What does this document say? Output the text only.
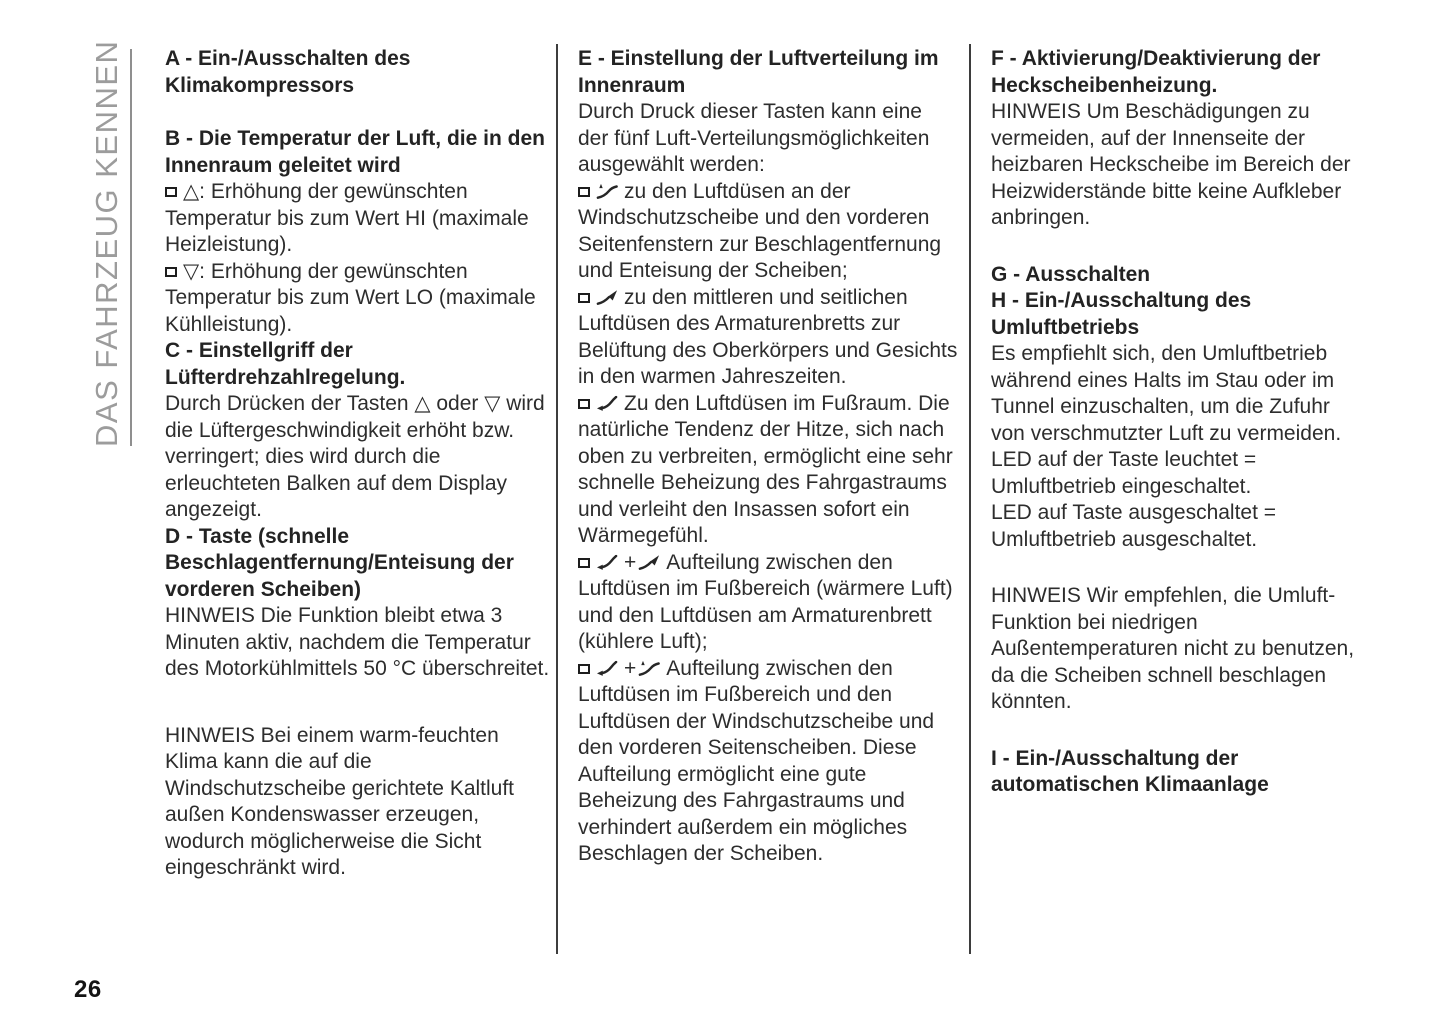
DAS FAHRZEUG KENNEN A - Ein-/Ausschalten des Klimakompressors

B - Die Temperatur der Luft, die in den Innenraum geleitet wird

△: Erhöhung der gewünschten Temperatur bis zum Wert HI (maximale Heizleistung).

▽: Erhöhung der gewünschten Temperatur bis zum Wert LO (maximale Kühlleistung).

C - Einstellgriff der Lüfterdrehzahlregelung.

Durch Drücken der Tasten △ oder ▽ wird die Lüftergeschwindigkeit erhöht bzw. verringert; dies wird durch die erleuchteten Balken auf dem Display angezeigt.

D - Taste (schnelle Beschlagentfernung/Enteisung der vorderen Scheiben)

HINWEIS Die Funktion bleibt etwa 3 Minuten aktiv, nachdem die Temperatur des Motorkühlmittels 50 °C überschreitet.

HINWEIS Bei einem warm-feuchten Klima kann die auf die Windschutzscheibe gerichtete Kaltluft außen Kondenswasser erzeugen, wodurch möglicherweise die Sicht eingeschränkt wird.

E - Einstellung der Luftverteilung im Innenraum

Durch Druck dieser Tasten kann eine der fünf Luft-Verteilungsmöglichkeiten ausgewählt werden:

zu den Luftdüsen an der Windschutzscheibe und den vorderen Seitenfenstern zur Beschlagentfernung und Enteisung der Scheiben;

zu den mittleren und seitlichen Luftdüsen des Armaturenbretts zur Belüftung des Oberkörpers und Gesichts in den warmen Jahreszeiten.

Zu den Luftdüsen im Fußraum. Die natürliche Tendenz der Hitze, sich nach oben zu verbreiten, ermöglicht eine sehr schnelle Beheizung des Fahrgastraums und verleiht den Insassen sofort ein Wärmegefühl.

+ Aufteilung zwischen den Luftdüsen im Fußbereich (wärmere Luft) und den Luftdüsen am Armaturenbrett (kühlere Luft);

+ Aufteilung zwischen den Luftdüsen im Fußbereich und den Luftdüsen der Windschutzscheibe und den vorderen Seitenscheiben. Diese Aufteilung ermöglicht eine gute Beheizung des Fahrgastraums und verhindert außerdem ein mögliches Beschlagen der Scheiben.

F - Aktivierung/Deaktivierung der Heckscheibenheizung.

HINWEIS Um Beschädigungen zu vermeiden, auf der Innenseite der heizbaren Heckscheibe im Bereich der Heizwiderstände bitte keine Aufkleber anbringen.

G - Ausschalten

H - Ein-/Ausschaltung des Umluftbetriebs

Es empfiehlt sich, den Umluftbetrieb während eines Halts im Stau oder im Tunnel einzuschalten, um die Zufuhr von verschmutzter Luft zu vermeiden.

LED auf der Taste leuchtet = Umluftbetrieb eingeschaltet.

LED auf Taste ausgeschaltet = Umluftbetrieb ausgeschaltet.

HINWEIS Wir empfehlen, die Umluft-Funktion bei niedrigen Außentemperaturen nicht zu benutzen, da die Scheiben schnell beschlagen könnten.

I - Ein-/Ausschaltung der automatischen Klimaanlage

26
